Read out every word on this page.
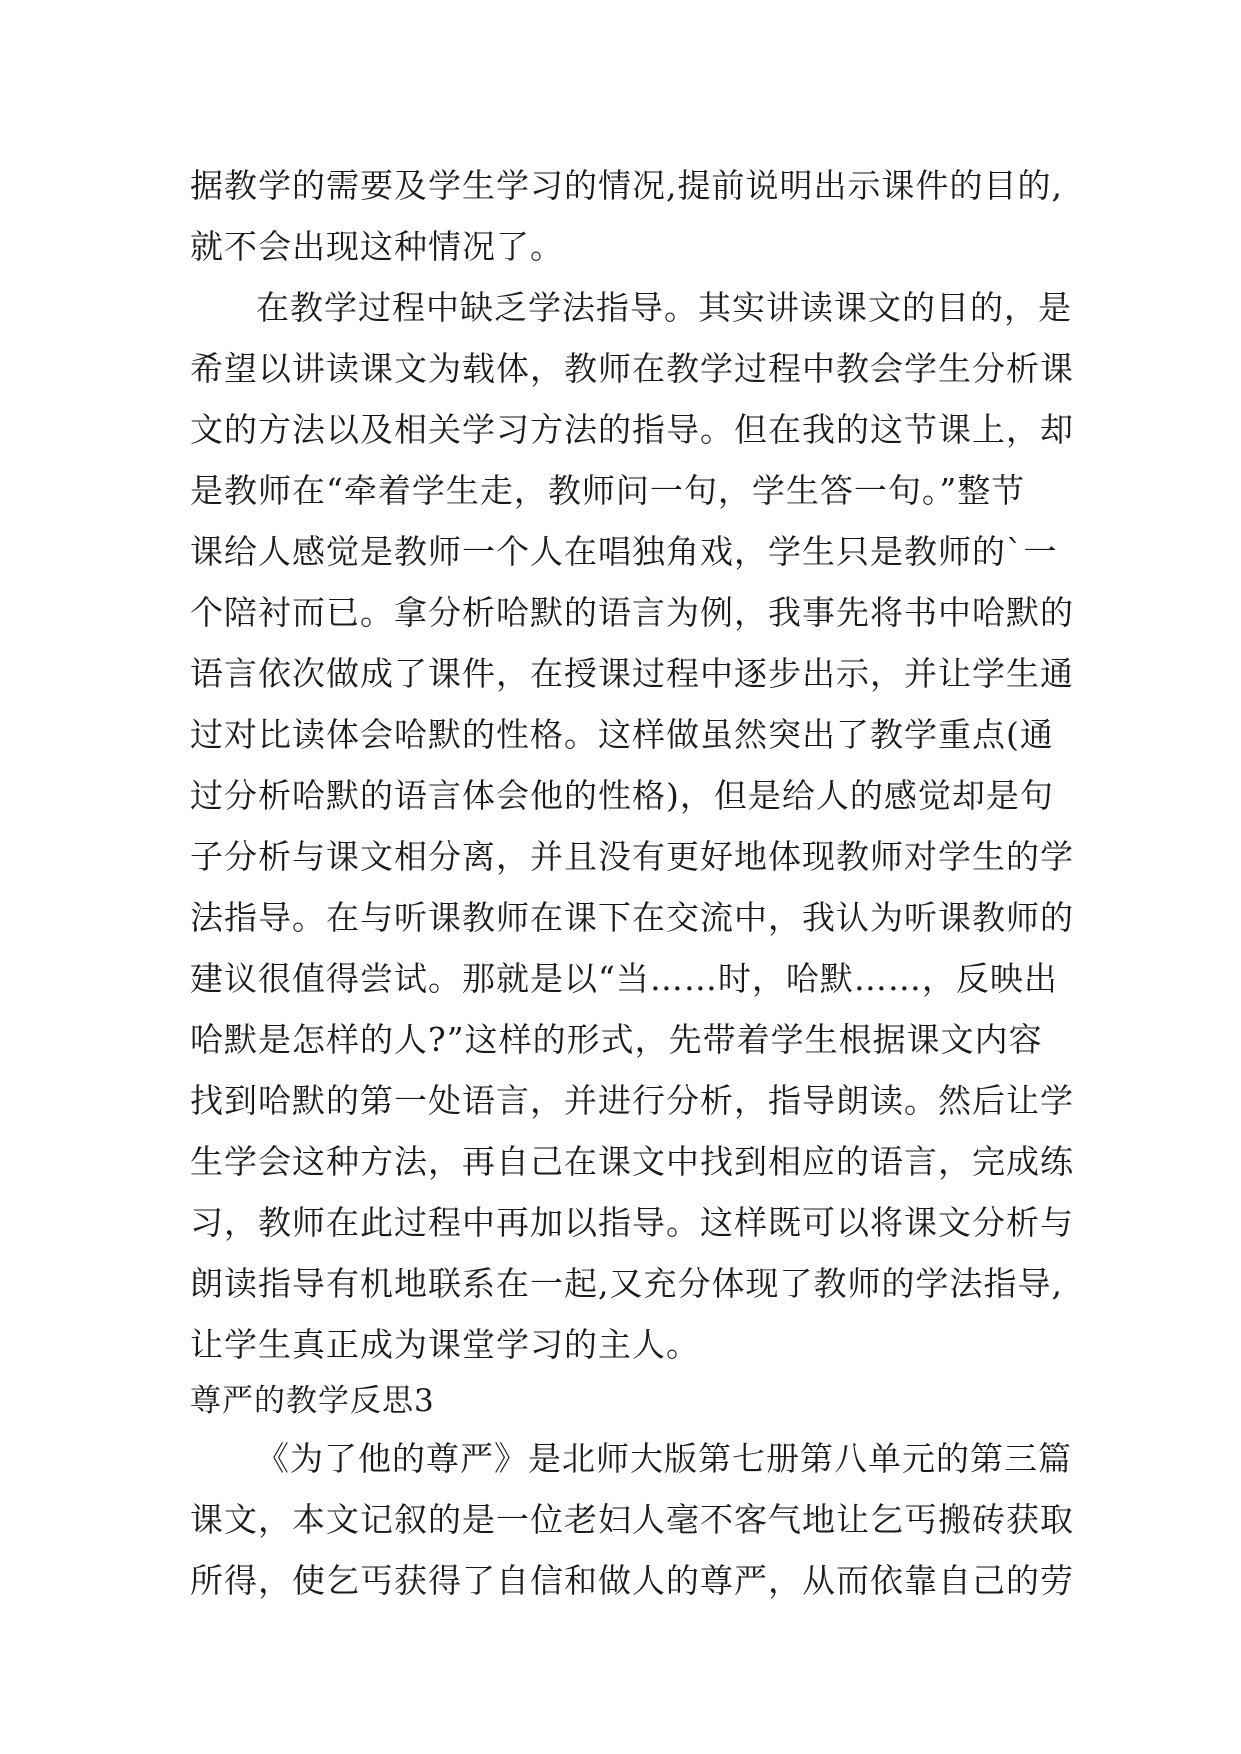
据教学的需要及学生学习的情况,提前说明出示课件的目的,
就不会出现这种情况了。
在教学过程中缺乏学法指导。其实讲读课文的目的，是
希望以讲读课文为载体，教师在教学过程中教会学生分析课
文的方法以及相关学习方法的指导。但在我的这节课上，却
是教师在“牵着学生走，教师问一句，学生答一句。”整节
课给人感觉是教师一个人在唱独角戏，学生只是教师的`一
个陪衬而已。拿分析哈默的语言为例，我事先将书中哈默的
语言依次做成了课件，在授课过程中逐步出示，并让学生通
过对比读体会哈默的性格。这样做虽然突出了教学重点(通
过分析哈默的语言体会他的性格)，但是给人的感觉却是句
子分析与课文相分离，并且没有更好地体现教师对学生的学
法指导。在与听课教师在课下在交流中，我认为听课教师的
建议很值得尝试。那就是以“当……时，哈默……，反映出
哈默是怎样的人?”这样的形式，先带着学生根据课文内容
找到哈默的第一处语言，并进行分析，指导朗读。然后让学
生学会这种方法，再自己在课文中找到相应的语言，完成练
习，教师在此过程中再加以指导。这样既可以将课文分析与
朗读指导有机地联系在一起,又充分体现了教师的学法指导,
让学生真正成为课堂学习的主人。
尊严的教学反思3
《为了他的尊严》是北师大版第七册第八单元的第三篇
课文，本文记叙的是一位老妇人毫不客气地让乞丐搬砖获取
所得，使乞丐获得了自信和做人的尊严，从而依靠自己的劳
